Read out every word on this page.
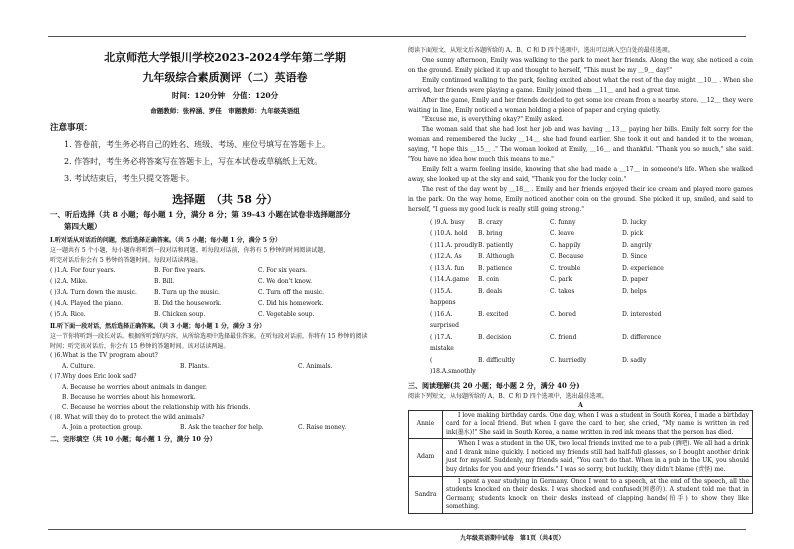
北京师范大学银川学校2023-2024学年第二学期
九年级综合素质测评（二）英语卷
时间：120分钟　分值：120分
命题教师：张梓涵、罗佳　审题教师：九年级英语组
注意事项：
1. 答卷前，考生务必将自己的姓名、班级、考场、座位号填写在答题卡上。
2. 作答时，考生务必将答案写在答题卡上，写在本试卷或草稿纸上无效。
3. 考试结束后，考生只提交答题卡。
选择题　（共 58 分）
一、听后选择（共 8 小题；每小题 1 分，满分 8 分；第 39-43 小题在试卷非选择题部分
第四大题）
Ⅰ.听对话从对话后的问题，然后选择正确答案。（共 5 小题；每小题 1 分，满分 5 分）
这一题共有 5 个小题，每小题你将听到一段对话和问题。听每段对话前，你将有 5 秒钟的时间阅读试题，
听完对话后你会有 5 秒钟的答题时间。每段对话读两遍。
( )1.A. For four years.	B. For five years.	C. For six years.
( )2.A. Mike.	B. Bill.	C. We don't know.
( )3.A. Turn down the music.	B. Turn up the music.	C. Turn off the music.
( )4.A. Played the piano.	B. Did the housework.	C. Did his homework.
( )5.A. Rice.	B. Chicken soup.	C. Vegetable soup.
Ⅱ.听下面一段对话，然后选择正确答案。（共 3 小题；每小题 1 分，满分 3 分）
这一节你将听到一段长对话。根据所听到的内容，从所给选项中选择最佳答案。在听每段对话前，你将有 15 秒钟的阅读
时间；听完该对话后，你会有 15 秒钟的答题时间。该对话读两遍。
( )6.What is the TV program about?
A. Culture.	B. Plants.	C. Animals.
( )7.Why does Eric look sad?
A. Because he worries about animals in danger.
B. Because he worries about his homework.
C. Because he worries about the relationship with his friends.
( )8. What will they do to protect the wild animals?
A. Join a protection group.	B. Ask the teacher for help.	C. Raise money.
二、完形填空（共 10 小题；每小题 1 分，满分 10 分）
阅读下面短文，从短文后各题所给的 A、B、C 和 D 四个选项中，选出可以填入空白处的最佳选项。
One sunny afternoon, Emily was walking to the park to meet her friends. Along the way, she noticed a coin on the ground. Emily picked it up and thought to herself, "This must be my ＿9＿ day!"
Emily continued walking to the park, feeling excited about what the rest of the day might ＿10＿ . When she arrived, her friends were playing a game. Emily joined them ＿11＿ and had a great time.
After the game, Emily and her friends decided to get some ice cream from a nearby store. ＿12＿ they were waiting in line, Emily noticed a woman holding a piece of paper and crying quietly.
"Excuse me, is everything okay?" Emily asked.
The woman said that she had lost her job and was having ＿13＿ paying her bills. Emily felt sorry for the woman and remembered the lucky ＿14＿ she had found earlier. She took it out and handed it to the woman, saying, "I hope this ＿15＿ ." The woman looked at Emily, ＿16＿ and thankful. "Thank you so much," she said. "You have no idea how much this means to me."
Emily felt a warm feeling inside, knowing that she had made a ＿17＿ in someone's life. When she walked away, she looked up at the sky and said, "Thank you for the lucky coin."
The rest of the day went by ＿18＿ . Emily and her friends enjoyed their ice cream and played more games in the park. On the way home, Emily noticed another coin on the ground. She picked it up, smiled, and said to herself, "I guess my good luck is really still going strong."
( )9.A. busy	B. crazy	C. funny	D. lucky
( )10.A. hold	B. bring	C. leave	D. pick
( )11.A. proudly B. patiently	C. happily	D. angrily
( )12.A. As	B. Although	C. Because	D. Since
( )13.A. fun	B. patience	C. trouble	D. experience
( )14.A.game	B. coin	C. park	D. paper
( )15.A. happens
B. deals	C. takes	D. helps
( )16.A. surprised
B. excited	C. bored	D. interested
( )17.A. mistake
B. decision	C. friend	D. difference
( )18.A.smoothly
B. difficultly	C. hurriedly	D. sadly
三、阅读理解(共 20 小题；每小题 2 分，满分 40 分)
阅读下列短文，从每题所给的 A、B、C 和 D 四个选项中，选出最佳选项。
A
Annie	I love making birthday cards. One day, when I was a student in South Korea, I made a birthday card for a local friend. But when I gave the card to her, she cried, "My name is written in red ink(墨水)!" She said in South Korea, a name written in red ink means that the person has died.
Adam	When I was a student in the UK, two local friends invited me to a pub (酒吧). We all had a drink and I drank mine quickly. I noticed my friends still had half-full glasses, so I bought another drink just for myself. Suddenly, my friends said, "You can't do that. When in a pub in the UK, you should buy drinks for you and your friends." I was so sorry, but luckily, they didn't blame (责怪) me.
Sandra	I spent a year studying in Germany. Once I went to a speech, at the end of the speech, all the students knocked on their desks. I was shocked and confused(困惑的). A student told me that in Germany, students knock on their desks instead of clapping hands(拍手) to show they like something.
九年级英语期中试卷　第1页（共4页）
